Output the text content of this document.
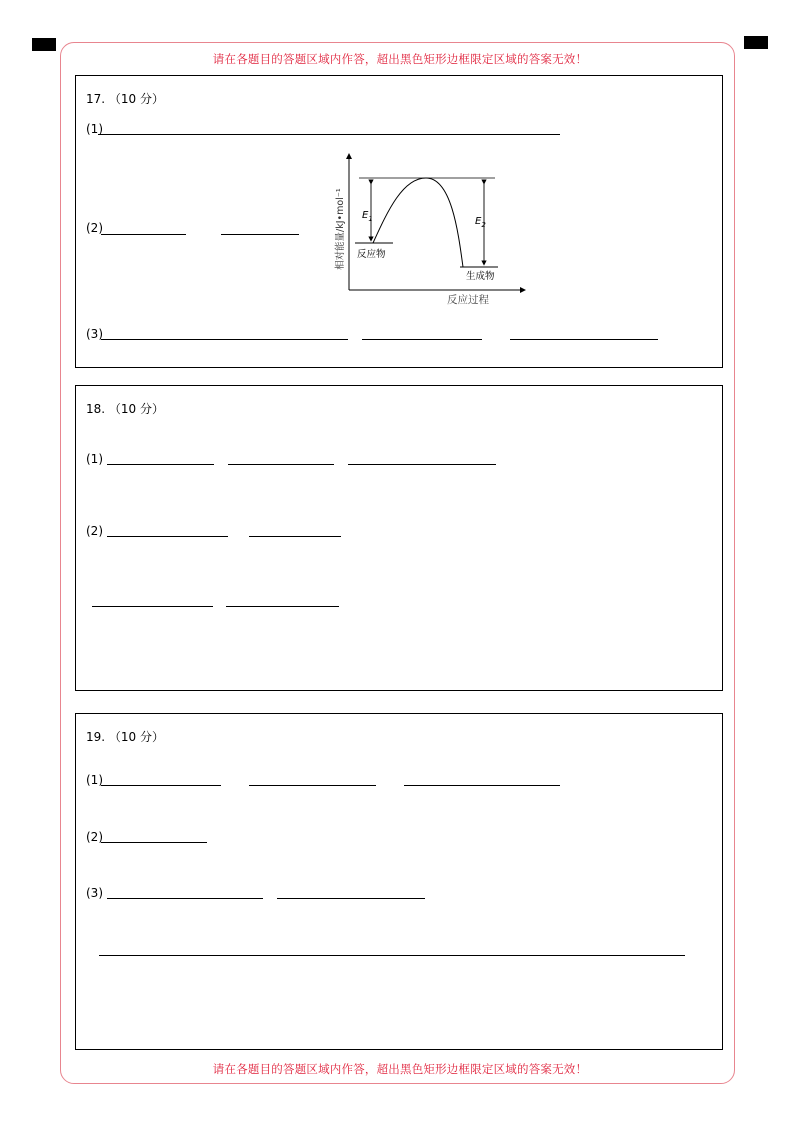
请在各题目的答题区域内作答，超出黑色矩形边框限定区域的答案无效！
17. （10 分）
(1)
(2)
$E_1$	$E_2$
反应物
生成物
反应过程
相对能量/kJ•mol⁻¹
(3)
18. （10 分）
(1)
(2)
19. （10 分）
(1)
(2)
(3)
请在各题目的答题区域内作答，超出黑色矩形边框限定区域的答案无效！
